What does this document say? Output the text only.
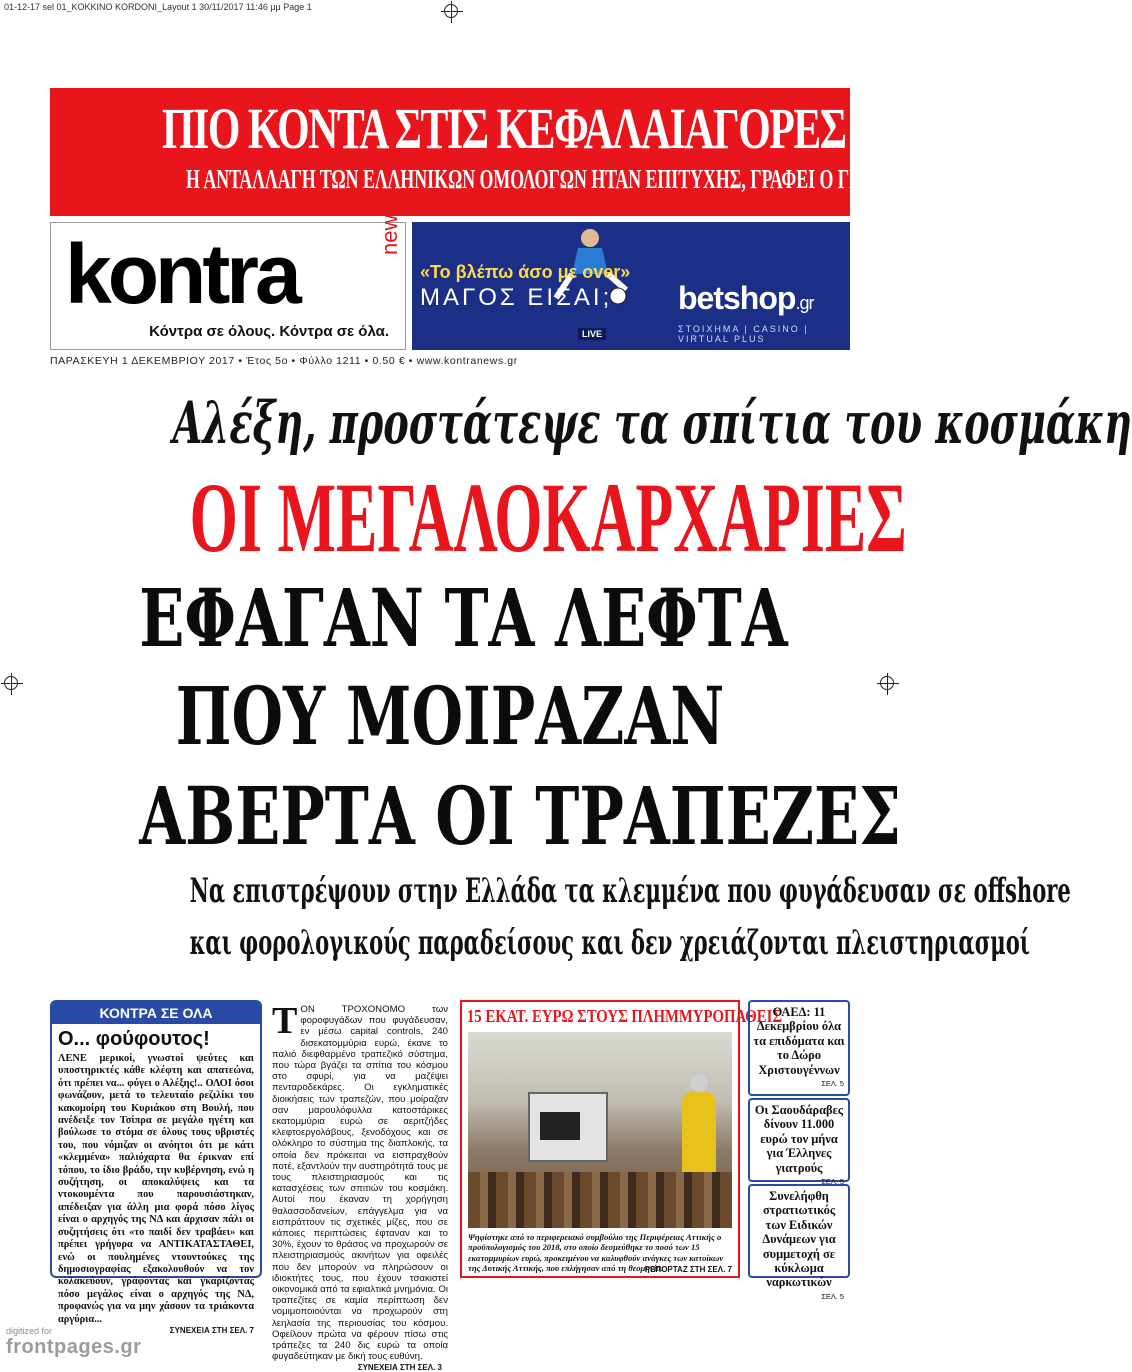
01-12-17 sel 01_KOKKINO KORDONI_Layout 1 30/11/2017 11:46 μμ Page 1
ΠΙΟ ΚΟΝΤΑ ΣΤΙΣ ΚΕΦΑΛΑΙΑΓΟΡΕΣ Η ΕΛΛΑΔΑ
Η ΑΝΤΑΛΛΑΓΗ ΤΩΝ ΕΛΛΗΝΙΚΩΝ ΟΜΟΛΟΓΩΝ ΗΤΑΝ ΕΠΙΤΥΧΗΣ, ΓΡΑΦΕΙ Ο ΓΕΡΜΑΝΙΚΟΣ ΤΥΠΟΣ
kontra	news
Κόντρα σε όλους. Κόντρα σε όλα.
«Το βλέπω άσο με over»
ΜΑΓΟΣ ΕΙΣΑΙ;
LIVE
betshop.gr
ΣΤΟΙΧΗΜΑ | CASINO | VIRTUAL PLUS
ΠΑΡΑΣΚΕΥΗ 1 ΔΕΚΕΜΒΡΙΟΥ 2017 • Έτος 5ο • Φύλλο 1211 • 0.50 € • www.kontranews.gr
Αλέξη, προστάτεψε τα σπίτια του κοσμάκη
ΟΙ ΜΕΓΑΛΟΚΑΡΧΑΡΙΕΣ
ΕΦΑΓΑΝ ΤΑ ΛΕΦΤΑ
ΠΟΥ ΜΟΙΡΑΖΑΝ
ΑΒΕΡΤΑ ΟΙ ΤΡΑΠΕΖΕΣ
Να επιστρέψουν στην Ελλάδα τα κλεμμένα που φυγάδευσαν σε offshore
και φορολογικούς παραδείσους και δεν χρειάζονται πλειστηριασμοί
ΚΟΝΤΡΑ ΣΕ ΟΛΑ
Ο... φούφουτος!
ΛΕΝΕ μερικοί, γνωστοί ψεύτες και υποστηρικτές κάθε κλέφτη και απατεώνα, ότι πρέπει να... φύγει ο Αλέξης!.. ΟΛΟΙ όσοι φωνάζουν, μετά το τελευταίο ρεζιλίκι του κακομοίρη του Κυριάκου στη Βουλή, που ανέδειξε τον Τσίπρα σε μεγάλο ηγέτη και βούλωσε το στόμα σε όλους τους υβριστές του, που νόμιζαν οι ανόητοι ότι με κάτι «κλεμμένα» παλιόχαρτα θα έρικναν επί τόπου, το ίδιο βράδυ, την κυβέρνηση, ενώ η συζήτηση, οι αποκαλύψεις και τα ντοκουμέντα που παρουσιάστηκαν, απέδειξαν για άλλη μια φορά πόσο λίγος είναι ο αρχηγός της ΝΔ και άρχισαν πάλι οι συζητήσεις ότι «το παιδί δεν τραβάει» και πρέπει γρήγορα να ΑΝΤΙΚΑΤΑΣΤΑΘΕΙ, ενώ οι πουλημένες ντουντούκες της δημοσιογραφίας εξακολουθούν να τον κολακεύουν, γράφοντας και γκαρίζοντας πόσο μεγάλος είναι ο αρχηγός της ΝΔ, προφανώς για να μην χάσουν τα τριάκοντα αργύρια...
ΣΥΝΕΧΕΙΑ ΣΤΗ ΣΕΛ. 7
ΤΟΝ ΤΡΟΧΟΝΟΜΟ των φοροφυγάδων που φυγάδευσαν, εν μέσω capital controls, 240 δισεκατομμύρια ευρώ, έκανε το παλιό διεφθαρμένο τραπεζικό σύστημα, που τώρα βγάζει τα σπίτια του κόσμου στο σφυρί, για να μαζέψει πενταροδεκάρες. Οι εγκληματικές διοικήσεις των τραπεζών, που μοίραζαν σαν μαρουλόφυλλα κατοστάρικες εκατομμύρια ευρώ σε αεριτζήδες κλεφτοεργολάβους, ξενοδόχους και σε ολόκληρο το σύστημα της διαπλοκής, τα οποία δεν πρόκειται να εισπραχθούν ποτέ, εξαντλούν την αυστηρότητά τους με τους πλειστηριασμούς και τις κατασχέσεις των σπιτιών του κοσμάκη. Αυτοί που έκαναν τη χορήγηση θαλασσοδανείων, επάγγελμα για να εισπράττουν τις σχετικές μίζες, που σε κάποιες περιπτώσεις έφταναν και το 30%, έχουν το θράσος να προχωρούν σε πλειστηριασμούς ακινήτων για οφειλές που δεν μπορούν να πληρώσουν οι ιδιοκτήτες τους, που έχουν τσακιστεί οικονομικά από τα εφιαλτικά μνημόνια. Οι τραπεζίτες σε καμία περίπτωση δεν νομιμοποιούνται να προχωρούν στη λεηλασία της περιουσίας του κόσμου. Οφείλουν πρώτα να φέρουν πίσω στις τράπεζες τα 240 δις ευρώ τα οποία φυγαδεύτηκαν με δική τους ευθύνη.
ΣΥΝΕΧΕΙΑ ΣΤΗ ΣΕΛ. 3
15 ΕΚΑΤ. ΕΥΡΩ ΣΤΟΥΣ ΠΛΗΜΜΥΡΟΠΑΘΕΙΣ
Ψηφίστηκε από το περιφερειακό συμβούλιο της Περιφέρειας Αττικής ο προϋπολογισμός του 2018, στο οποίο δεσμεύθηκε το ποσό των 15 εκατομμυρίων ευρώ, προκειμένου να καλυφθούν ανάγκες των κατοίκων της Δυτικής Αττικής, που επλήγησαν από τη θεομηνία.
ΡΕΠΟΡΤΑΖ ΣΤΗ ΣΕΛ. 7
ΟΑΕΔ: 11 Δεκεμβρίου όλα τα επιδόματα και το Δώρο Χριστουγέννων
ΣΕΛ. 5
Οι Σαουδάραβες δίνουν 11.000 ευρώ τον μήνα για Έλληνες γιατρούς
ΣΕΛ. 5
Συνελήφθη στρατιωτικός των Ειδικών Δυνάμεων για συμμετοχή σε κύκλωμα ναρκωτικών
ΣΕΛ. 5
digitized for
frontpages.gr
